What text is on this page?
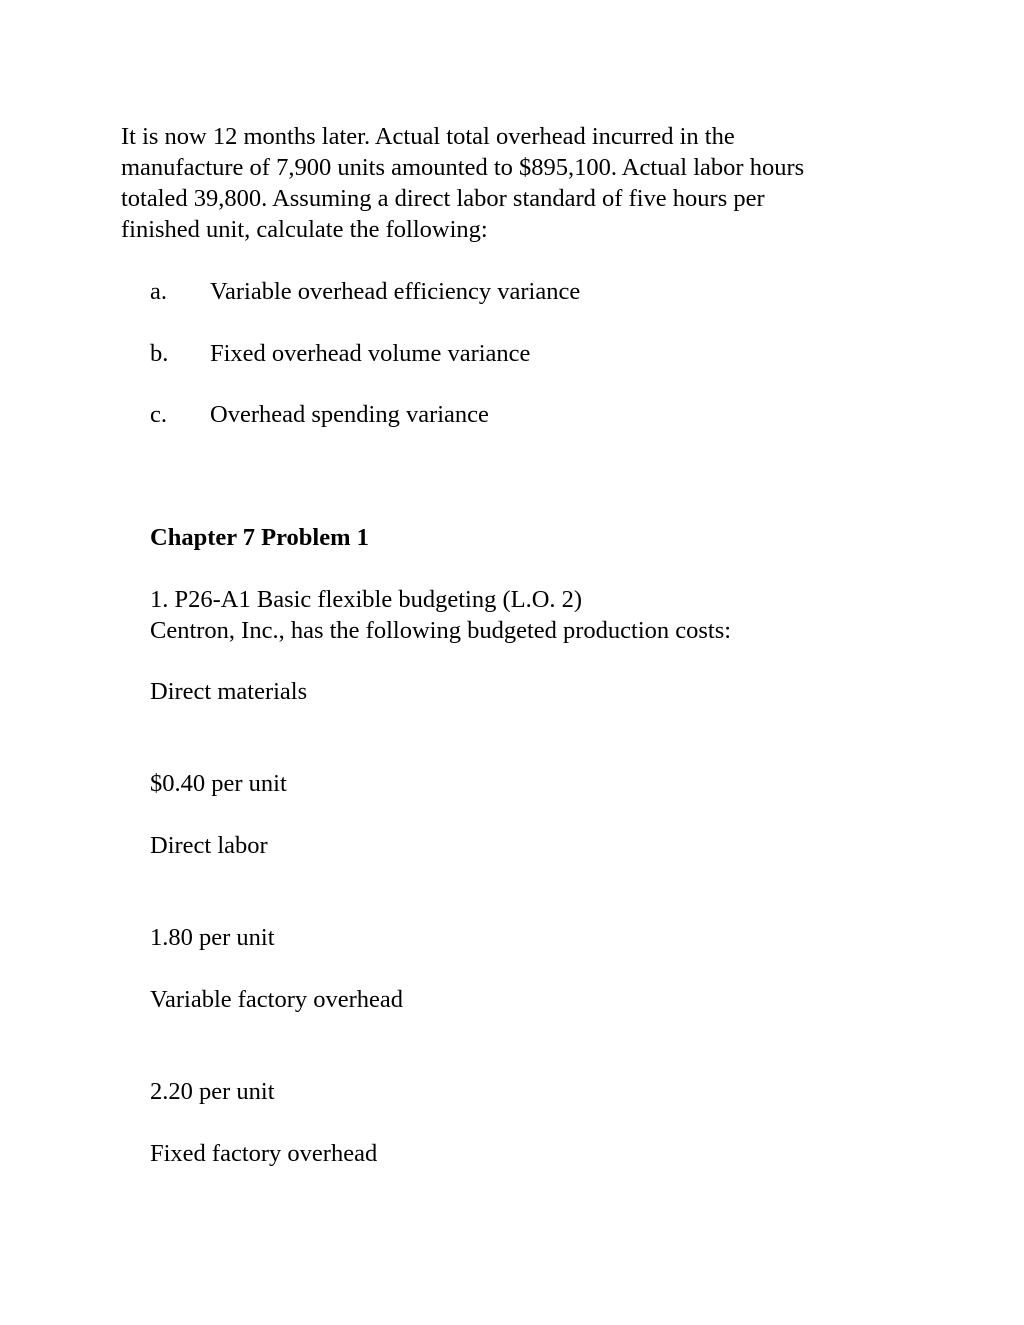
It is now 12 months later. Actual total overhead incurred in the
manufacture of 7,900 units amounted to $895,100. Actual labor hours
totaled 39,800. Assuming a direct labor standard of five hours per
finished unit, calculate the following:
a. Variable overhead efficiency variance
b. Fixed overhead volume variance
c. Overhead spending variance
Chapter 7 Problem 1
1. P26-A1 Basic flexible budgeting (L.O. 2)
Centron, Inc., has the following budgeted production costs:
Direct materials
$0.40 per unit
Direct labor
1.80 per unit
Variable factory overhead
2.20 per unit
Fixed factory overhead
